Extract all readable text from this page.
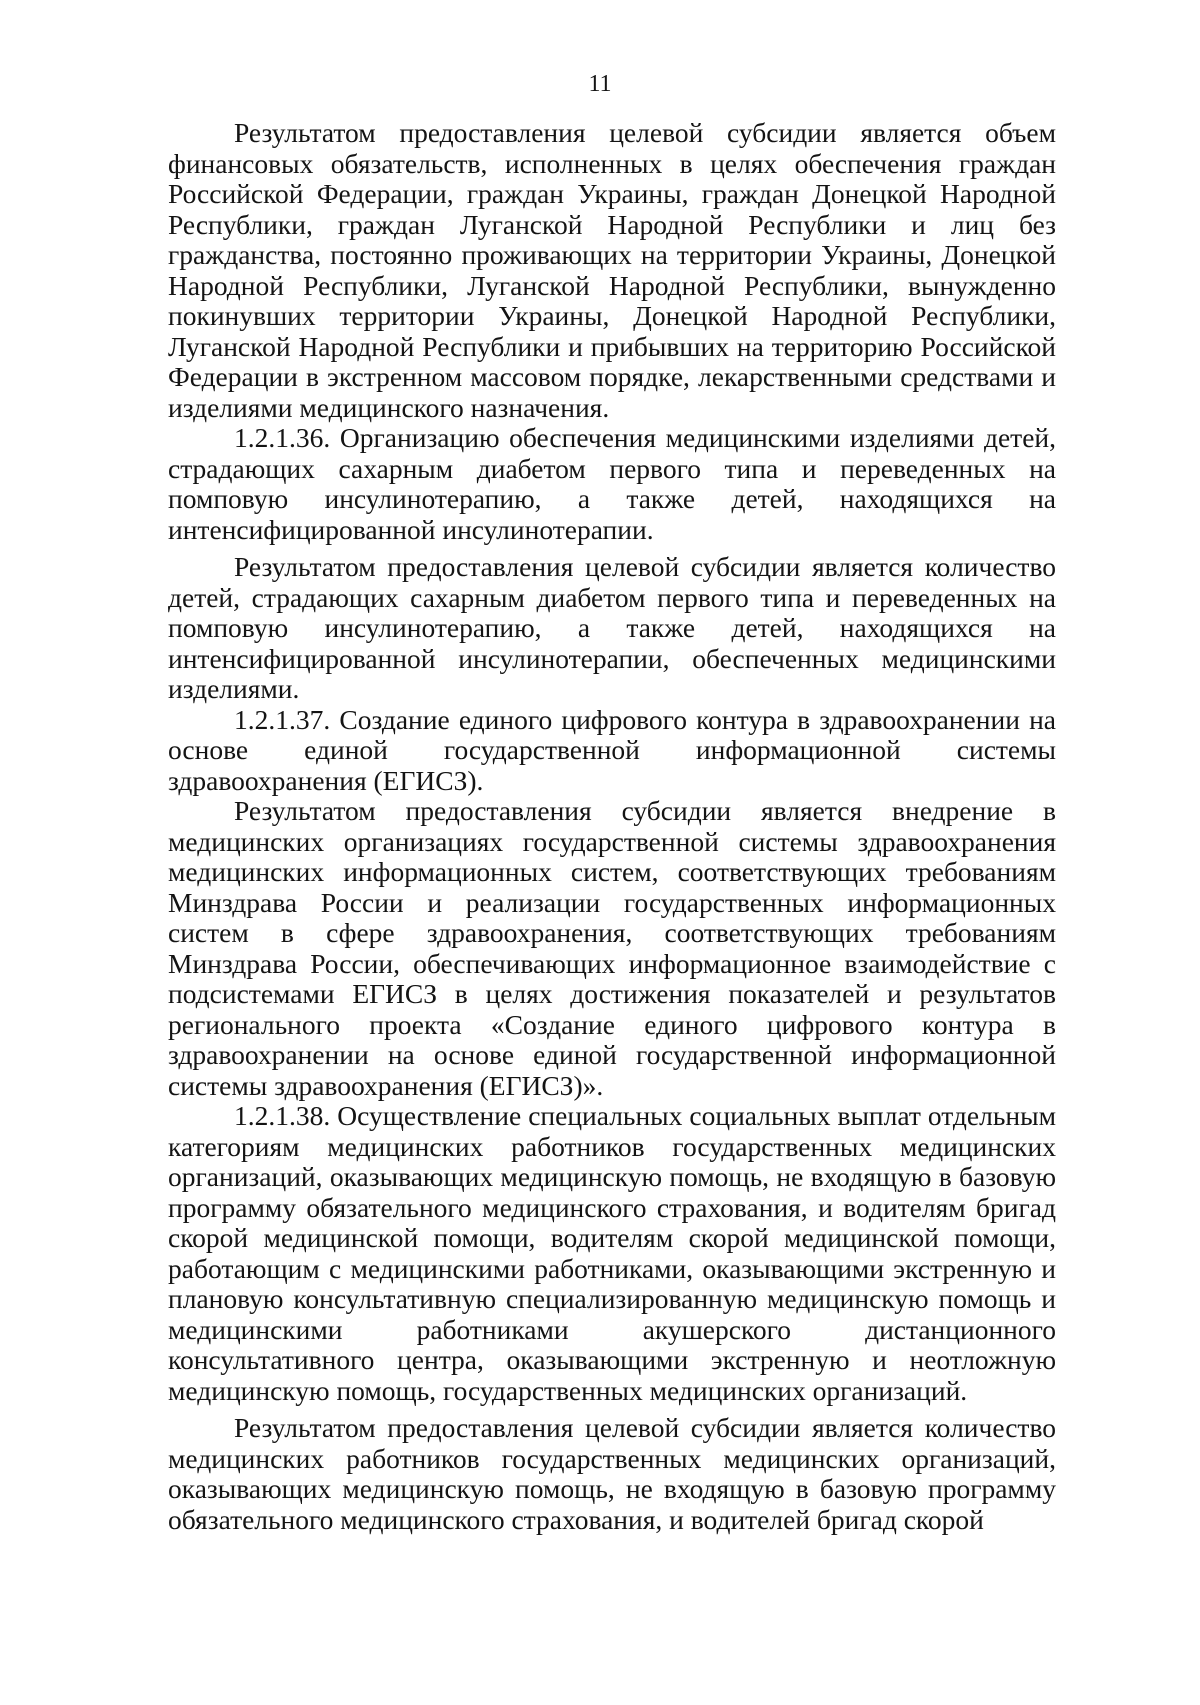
11

Результатом предоставления целевой субсидии является объем финансовых обязательств, исполненных в целях обеспечения граждан Российской Федерации, граждан Украины, граждан Донецкой Народной Республики, граждан Луганской Народной Республики и лиц без гражданства, постоянно проживающих на территории Украины, Донецкой Народной Республики, Луганской Народной Республики, вынужденно покинувших территории Украины, Донецкой Народной Республики, Луганской Народной Республики и прибывших на территорию Российской Федерации в экстренном массовом порядке, лекарственными средствами и изделиями медицинского назначения.

1.2.1.36. Организацию обеспечения медицинскими изделиями детей, страдающих сахарным диабетом первого типа и переведенных на помповую инсулинотерапию, а также детей, находящихся на интенсифицированной инсулинотерапии.

Результатом предоставления целевой субсидии является количество детей, страдающих сахарным диабетом первого типа и переведенных на помповую инсулинотерапию, а также детей, находящихся на интенсифицированной инсулинотерапии, обеспеченных медицинскими изделиями.

1.2.1.37. Создание единого цифрового контура в здравоохранении на основе единой государственной информационной системы здравоохранения (ЕГИСЗ).

Результатом предоставления субсидии является внедрение в медицинских организациях государственной системы здравоохранения медицинских информационных систем, соответствующих требованиям Минздрава России и реализации государственных информационных систем в сфере здравоохранения, соответствующих требованиям Минздрава России, обеспечивающих информационное взаимодействие с подсистемами ЕГИСЗ в целях достижения показателей и результатов регионального проекта «Создание единого цифрового контура в здравоохранении на основе единой государственной информационной системы здравоохранения (ЕГИСЗ)».

1.2.1.38. Осуществление специальных социальных выплат отдельным категориям медицинских работников государственных медицинских организаций, оказывающих медицинскую помощь, не входящую в базовую программу обязательного медицинского страхования, и водителям бригад скорой медицинской помощи, водителям скорой медицинской помощи, работающим с медицинскими работниками, оказывающими экстренную и плановую консультативную специализированную медицинскую помощь и медицинскими работниками акушерского дистанционного консультативного центра, оказывающими экстренную и неотложную медицинскую помощь, государственных медицинских организаций.

Результатом предоставления целевой субсидии является количество медицинских работников государственных медицинских организаций, оказывающих медицинскую помощь, не входящую в базовую программу обязательного медицинского страхования, и водителей бригад скорой
